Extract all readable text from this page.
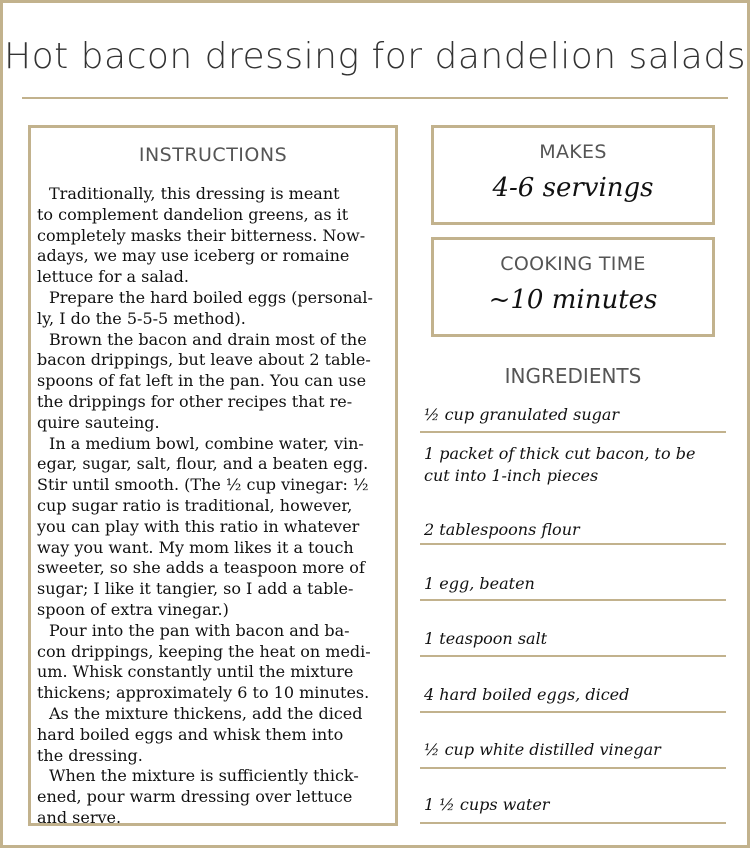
Hot bacon dressing for dandelion salads
INSTRUCTIONS
Traditionally, this dressing is meant
to complement dandelion greens, as it
completely masks their bitterness. Now-
adays, we may use iceberg or romaine
lettuce for a salad.
Prepare the hard boiled eggs (personal-
ly, I do the 5-5-5 method).
Brown the bacon and drain most of the
bacon drippings, but leave about 2 table-
spoons of fat left in the pan. You can use
the drippings for other recipes that re-
quire sauteing.
In a medium bowl, combine water, vin-
egar, sugar, salt, flour, and a beaten egg.
Stir until smooth. (The ½ cup vinegar: ½
cup sugar ratio is traditional, however,
you can play with this ratio in whatever
way you want. My mom likes it a touch
sweeter, so she adds a teaspoon more of
sugar; I like it tangier, so I add a table-
spoon of extra vinegar.)
Pour into the pan with bacon and ba-
con drippings, keeping the heat on medi-
um. Whisk constantly until the mixture
thickens; approximately 6 to 10 minutes.
As the mixture thickens, add the diced
hard boiled eggs and whisk them into
the dressing.
When the mixture is sufficiently thick-
ened, pour warm dressing over lettuce
and serve.
MAKES
4-6 servings
COOKING TIME
~10 minutes
INGREDIENTS
½ cup granulated sugar
1 packet of thick cut bacon, to be
cut into 1-inch pieces
2 tablespoons flour
1 egg, beaten
1 teaspoon salt
4 hard boiled eggs, diced
½ cup white distilled vinegar
1 ½ cups water
